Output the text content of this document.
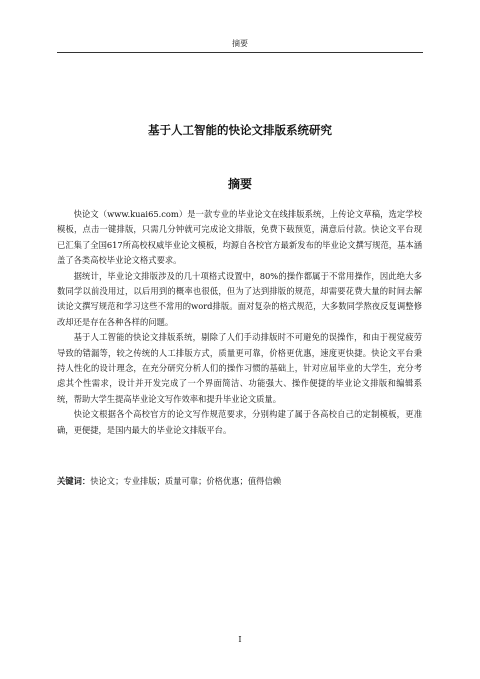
摘要
基于人工智能的快论文排版系统研究
摘要

快论文（www.kuai65.com）是一款专业的毕业论文在线排版系统，上传论文草稿，选定学校模板，点击一键排版，只需几分钟就可完成论文排版，免费下载预览，满意后付款。快论文平台现已汇集了全国617所高校权威毕业论文模板，均源自各校官方最新发布的毕业论文撰写规范，基本涵盖了各类高校毕业论文格式要求。

据统计，毕业论文排版涉及的几十项格式设置中，80%的操作都属于不常用操作，因此绝大多数同学以前没用过，以后用到的概率也很低，但为了达到排版的规范，却需要花费大量的时间去解读论文撰写规范和学习这些不常用的word排版。面对复杂的格式规范，大多数同学熬夜反复调整修改却还是存在各种各样的问题。

基于人工智能的快论文排版系统，剔除了人们手动排版时不可避免的误操作，和由于视觉疲劳导致的错漏等，较之传统的人工排版方式，质量更可靠，价格更优惠，速度更快捷。快论文平台秉持人性化的设计理念，在充分研究分析人们的操作习惯的基础上，针对应届毕业的大学生，充分考虑其个性需求，设计并开发完成了一个界面简洁、功能强大、操作便捷的毕业论文排版和编辑系统，帮助大学生提高毕业论文写作效率和提升毕业论文质量。

快论文根据各个高校官方的论文写作规范要求，分别构建了属于各高校自己的定制模板，更准确，更便捷，是国内最大的毕业论文排版平台。

关键词：快论文；专业排版；质量可靠；价格优惠；值得信赖
I
